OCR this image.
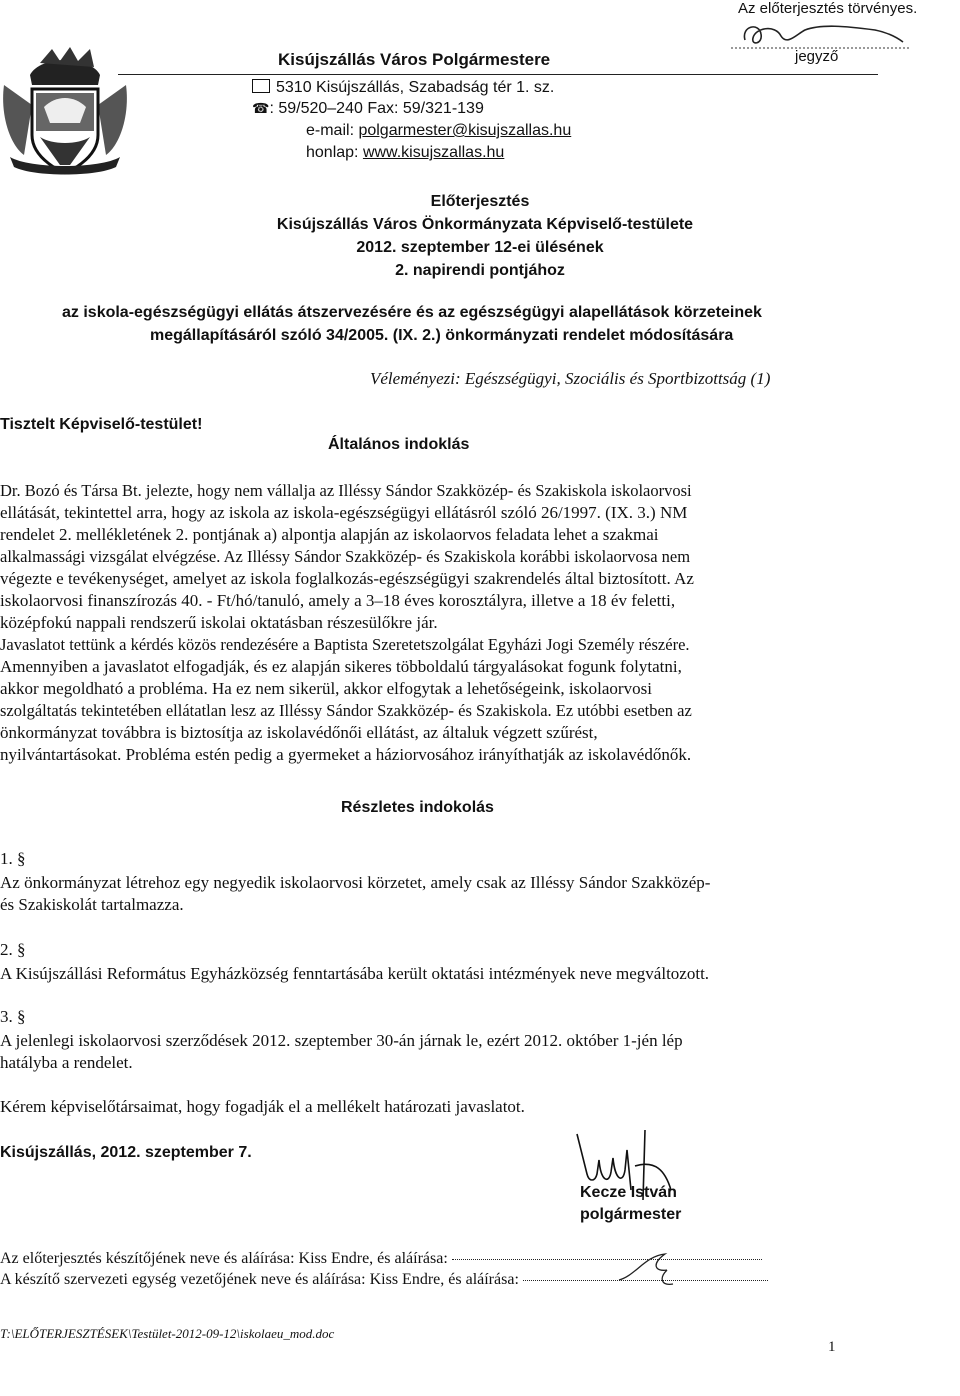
Az előterjesztés törvényes.
jegyző
Kisújszállás Város Polgármestere
5310 Kisújszállás, Szabadság tér 1. sz.
☎: 59/520–240 Fax: 59/321-139
e-mail: polgarmester@kisujszallas.hu
honlap: www.kisujszallas.hu
Előterjesztés
Kisújszállás Város Önkormányzata Képviselő-testülete
2012. szeptember 12-ei ülésének
2. napirendi pontjához
az iskola-egészségügyi ellátás átszervezésére és az egészségügyi alapellátások körzeteinek
megállapításáról szóló 34/2005. (IX. 2.) önkormányzati rendelet módosítására
Véleményezi: Egészségügyi, Szociális és Sportbizottság (1)
Tisztelt Képviselő-testület!
Általános indoklás
Dr. Bozó és Társa Bt. jelezte, hogy nem vállalja az Illéssy Sándor Szakközép- és Szakiskola iskolaorvosi
ellátását, tekintettel arra, hogy az iskola az iskola-egészségügyi ellátásról szóló 26/1997. (IX. 3.) NM
rendelet 2. mellékletének 2. pontjának a) alpontja alapján az iskolaorvos feladata lehet a szakmai
alkalmassági vizsgálat elvégzése. Az Illéssy Sándor Szakközép- és Szakiskola korábbi iskolaorvosa nem
végezte e tevékenységet, amelyet az iskola foglalkozás-egészségügyi szakrendelés által biztosított. Az
iskolaorvosi finanszírozás 40. - Ft/hó/tanuló, amely a 3–18 éves korosztályra, illetve a 18 év feletti,
középfokú nappali rendszerű iskolai oktatásban részesülőkre jár.
Javaslatot tettünk a kérdés közös rendezésére a Baptista Szeretetszolgálat Egyházi Jogi Személy részére.
Amennyiben a javaslatot elfogadják, és ez alapján sikeres többoldalú tárgyalásokat fogunk folytatni,
akkor megoldható a probléma. Ha ez nem sikerül, akkor elfogytak a lehetőségeink, iskolaorvosi
szolgáltatás tekintetében ellátatlan lesz az Illéssy Sándor Szakközép- és Szakiskola. Ez utóbbi esetben az
önkormányzat továbbra is biztosítja az iskolavédőnői ellátást, az általuk végzett szűrést,
nyilvántartásokat. Probléma estén pedig a gyermeket a háziorvosához irányíthatják az iskolavédőnők.
Részletes indokolás
1. §
Az önkormányzat létrehoz egy negyedik iskolaorvosi körzetet, amely csak az Illéssy Sándor Szakközép-
és Szakiskolát tartalmazza.
2. §
A Kisújszállási Református Egyházközség fenntartásába került oktatási intézmények neve megváltozott.
3. §
A jelenlegi iskolaorvosi szerződések 2012. szeptember 30-án járnak le, ezért 2012. október 1-jén lép
hatályba a rendelet.
Kérem képviselőtársaimat, hogy fogadják el a mellékelt határozati javaslatot.
Kisújszállás, 2012. szeptember 7.
Kecze István
polgármester
Az előterjesztés készítőjének neve és aláírása: Kiss Endre, és aláírása:
A készítő szervezeti egység vezetőjének neve és aláírása: Kiss Endre, és aláírása:
T:\ELŐTERJESZTÉSEK\Testület-2012-09-12\iskolaeu_mod.doc
1
